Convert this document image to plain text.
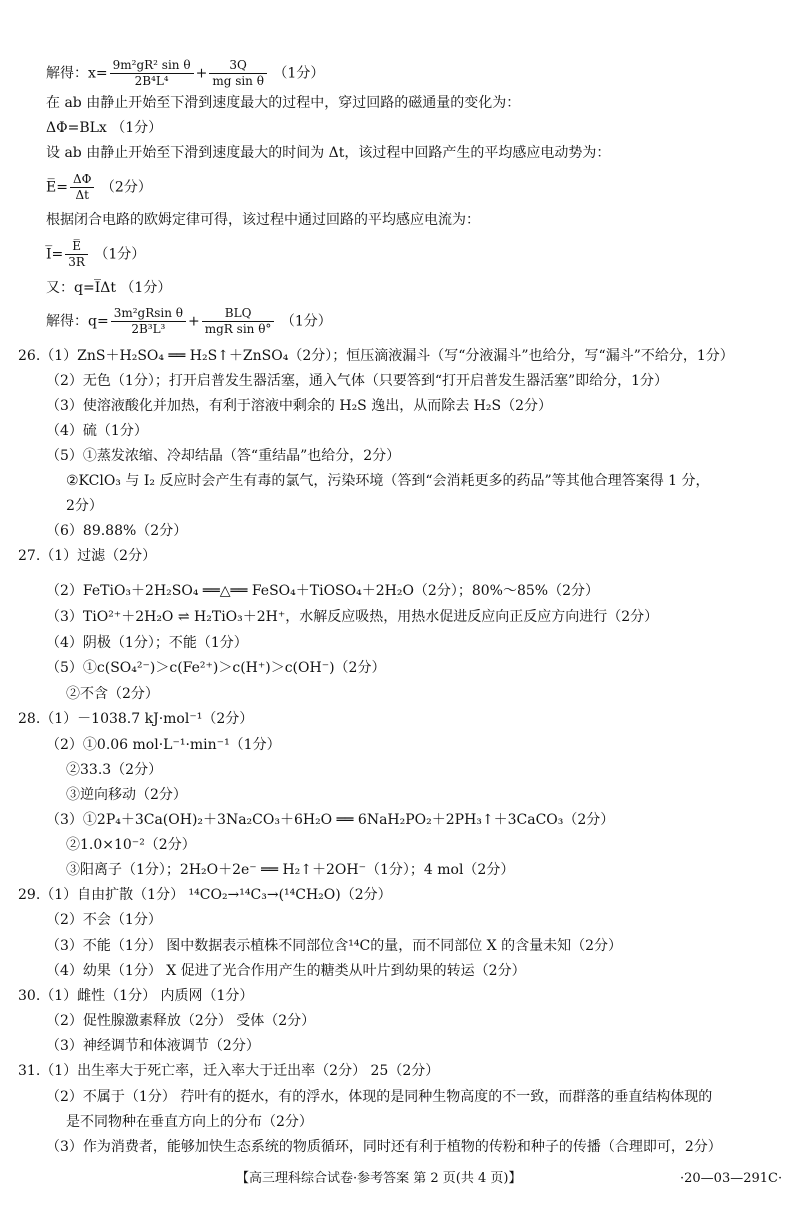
解得：$x= \frac{\text{9m²gR² sin θ}}{\text{2B⁴L⁴}} + \frac{3Q}{\text{mg sin θ}} (1$分）
在 ab 由静止开始至下滑到速度最大的过程中，穿过回路的磁通量的变化为：
ΔΦ=BLx （1分）
设 ab 由静止开始至下滑到速度最大的时间为 Δt，该过程中回路产生的平均感应电动势为：
E̅= $\frac{\Delta\Phi}{\Delta t} (2$分）
根据闭合电路的欧姆定律可得，该过程中通过回路的平均感应电流为：
I̅= $\frac{E̅}{3R} (1$分）
又：q=I̅Δt （1分）
解得：$q= \frac{\text{3m²gRsin θ}}{\text{2B³L³}} + \frac{\text{BLQ}}{\text{mgR sin θ°}} (1$分）
26.（1）ZnS＋H₂SO₄ ══ H₂S↑＋ZnSO₄（2分）；恒压滴液漏斗（写“分液漏斗”也给分，写“漏斗”不给分，1分）
（2）无色（1分）；打开启普发生器活塞，通入气体（只要答到“打开启普发生器活塞”即给分，1分）
（3）使溶液酸化并加热，有利于溶液中剩余的 H₂S 逸出，从而除去 H₂S（2分）
（4）硫（1分）
（5）①蒸发浓缩、冷却结晶（答“重结晶”也给分，2分）
②KClO₃ 与 I₂ 反应时会产生有毒的氯气，污染环境（答到“会消耗更多的药品”等其他合理答案得 1 分，
2分）
（6）89.88%（2分）
27.（1）过滤（2分）
（2）FeTiO₃＋2H₂SO₄ ══△══ FeSO₄＋TiOSO₄＋2H₂O（2分）；80%～85%（2分）
（3）TiO²⁺＋2H₂O ⇌ H₂TiO₃＋2H⁺，水解反应吸热，用热水促进反应向正反应方向进行（2分）
（4）阴极（1分）；不能（1分）
（5）①c(SO₄²⁻)＞c(Fe²⁺)＞c(H⁺)＞c(OH⁻)（2分）
②不含（2分）
28.（1）－1038.7 kJ·mol⁻¹（2分）
（2）①0.06 mol·L⁻¹·min⁻¹（1分）
②33.3（2分）
③逆向移动（2分）
（3）①2P₄＋3Ca(OH)₂＋3Na₂CO₃＋6H₂O ══ 6NaH₂PO₂＋2PH₃↑＋3CaCO₃（2分）
②1.0×10⁻²（2分）
③阳离子（1分）；2H₂O＋2e⁻ ══ H₂↑＋2OH⁻（1分）；4 mol（2分）
29.（1）自由扩散（1分） ¹⁴CO₂→¹⁴C₃→(¹⁴CH₂O)（2分）
（2）不会（1分）
（3）不能（1分） 图中数据表示植株不同部位含¹⁴C的量，而不同部位 X 的含量未知（2分）
（4）幼果（1分） X 促进了光合作用产生的糖类从叶片到幼果的转运（2分）
30.（1）雌性（1分） 内质网（1分）
（2）促性腺激素释放（2分） 受体（2分）
（3）神经调节和体液调节（2分）
31.（1）出生率大于死亡率，迁入率大于迁出率（2分） 25（2分）
（2）不属于（1分） 荇叶有的挺水，有的浮水，体现的是同种生物高度的不一致，而群落的垂直结构体现的
是不同物种在垂直方向上的分布（2分）
（3）作为消费者，能够加快生态系统的物质循环，同时还有利于植物的传粉和种子的传播（合理即可，2分）
【高三理科综合试卷·参考答案 第 2 页(共 4 页)】	·20—03—291C·
